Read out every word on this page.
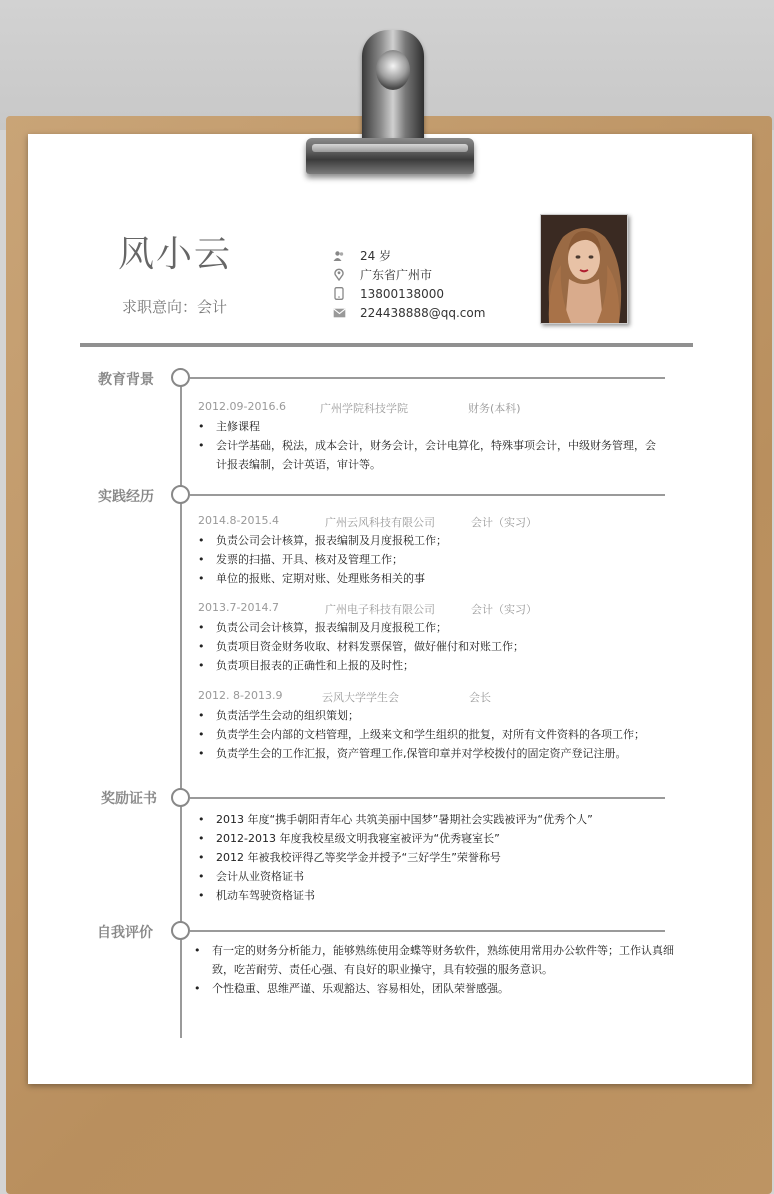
风小云
求职意向：会计
24 岁
广东省广州市
13800138000
224438888@qq.com
教育背景
2012.09-2016.6	广州学院科技学院	财务(本科)
• 主修课程
• 会计学基础，税法，成本会计，财务会计，会计电算化，特殊事项会计，中级财务管理，会计报表编制，会计英语，审计等。
实践经历
2014.8-2015.4	广州云风科技有限公司	会计（实习）
• 负责公司会计核算，报表编制及月度报税工作；
• 发票的扫描、开具、核对及管理工作；
• 单位的报账、定期对账、处理账务相关的事
2013.7-2014.7	广州电子科技有限公司	会计（实习）
• 负责公司会计核算，报表编制及月度报税工作；
• 负责项目资金财务收取、材料发票保管，做好催付和对账工作；
• 负责项目报表的正确性和上报的及时性；
2012. 8-2013.9	云风大学学生会	会长
• 负责活学生会动的组织策划；
• 负责学生会内部的文档管理，上级来文和学生组织的批复，对所有文件资料的各项工作；
• 负责学生会的工作汇报，资产管理工作,保管印章并对学校拨付的固定资产登记注册。
奖励证书
• 2013 年度“携手朝阳青年心 共筑美丽中国梦”暑期社会实践被评为“优秀个人”
• 2012-2013 年度我校星级文明我寝室被评为“优秀寝室长”
• 2012 年被我校评得乙等奖学金并授予“三好学生”荣誉称号
• 会计从业资格证书
• 机动车驾驶资格证书
自我评价
• 有一定的财务分析能力，能够熟练使用金蝶等财务软件，熟练使用常用办公软件等；工作认真细致，吃苦耐劳、责任心强、有良好的职业操守，具有较强的服务意识。
• 个性稳重、思维严谨、乐观豁达、容易相处，团队荣誉感强。
